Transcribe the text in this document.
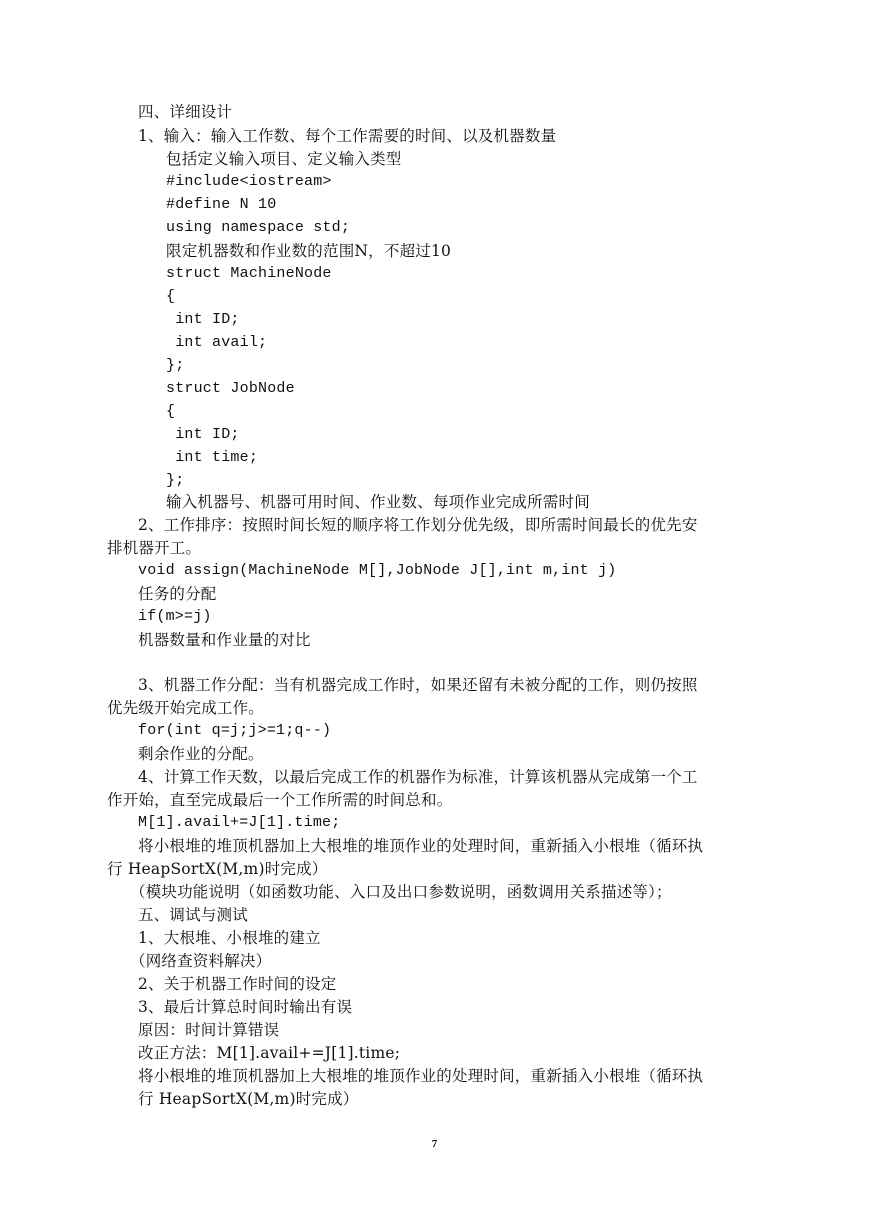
四、详细设计
1、输入：输入工作数、每个工作需要的时间、以及机器数量
包括定义输入项目、定义输入类型
#include<iostream>
#define N 10
using namespace std;
限定机器数和作业数的范围N，不超过10
struct MachineNode
{
int ID;
int avail;
};
struct JobNode
{
int ID;
int time;
};
输入机器号、机器可用时间、作业数、每项作业完成所需时间
2、工作排序：按照时间长短的顺序将工作划分优先级，即所需时间最长的优先安
排机器开工。
void assign(MachineNode M[],JobNode J[],int m,int j)
任务的分配
if(m>=j)
机器数量和作业量的对比
3、机器工作分配：当有机器完成工作时，如果还留有未被分配的工作，则仍按照
优先级开始完成工作。
for(int q=j;j>=1;q--)
剩余作业的分配。
4、计算工作天数，以最后完成工作的机器作为标准，计算该机器从完成第一个工
作开始，直至完成最后一个工作所需的时间总和。
M[1].avail+=J[1].time;
将小根堆的堆顶机器加上大根堆的堆顶作业的处理时间，重新插入小根堆（循环执
行 HeapSortX(M,m)时完成）
（模块功能说明（如函数功能、入口及出口参数说明，函数调用关系描述等）；
五、调试与测试
1、大根堆、小根堆的建立
（网络查资料解决）
2、关于机器工作时间的设定
3、最后计算总时间时输出有误
原因：时间计算错误
改正方法：M[1].avail+=J[1].time;
将小根堆的堆顶机器加上大根堆的堆顶作业的处理时间，重新插入小根堆（循环执
行 HeapSortX(M,m)时完成）
7
